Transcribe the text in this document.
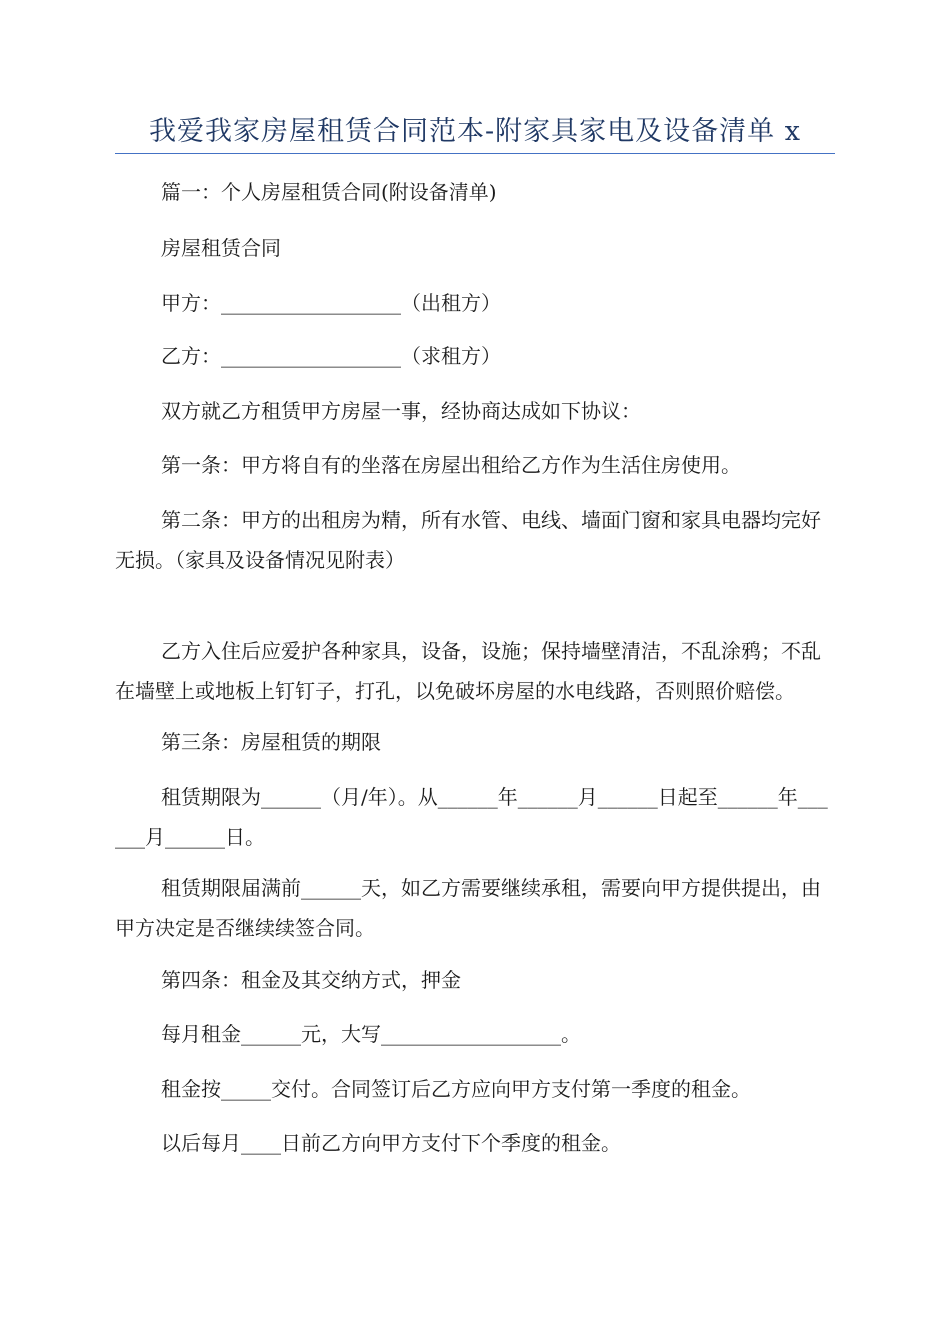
我爱我家房屋租赁合同范本-附家具家电及设备清单 x

篇一：个人房屋租赁合同(附设备清单)

房屋租赁合同

甲方：__________________（出租方）

乙方：__________________（求租方）

双方就乙方租赁甲方房屋一事，经协商达成如下协议：

第一条：甲方将自有的坐落在房屋出租给乙方作为生活住房使用。

第二条：甲方的出租房为精，所有水管、电线、墙面门窗和家具电器均完好无损。（家具及设备情况见附表）

乙方入住后应爱护各种家具，设备，设施；保持墙壁清洁，不乱涂鸦；不乱在墙壁上或地板上钉钉子，打孔，以免破坏房屋的水电线路，否则照价赔偿。

第三条：房屋租赁的期限

租赁期限为______（月/年）。从______年______月______日起至______年______月______日。

租赁期限届满前______天，如乙方需要继续承租，需要向甲方提供提出，由甲方决定是否继续续签合同。

第四条：租金及其交纳方式，押金

每月租金______元，大写__________________。

租金按_____交付。合同签订后乙方应向甲方支付第一季度的租金。

以后每月____日前乙方向甲方支付下个季度的租金。
